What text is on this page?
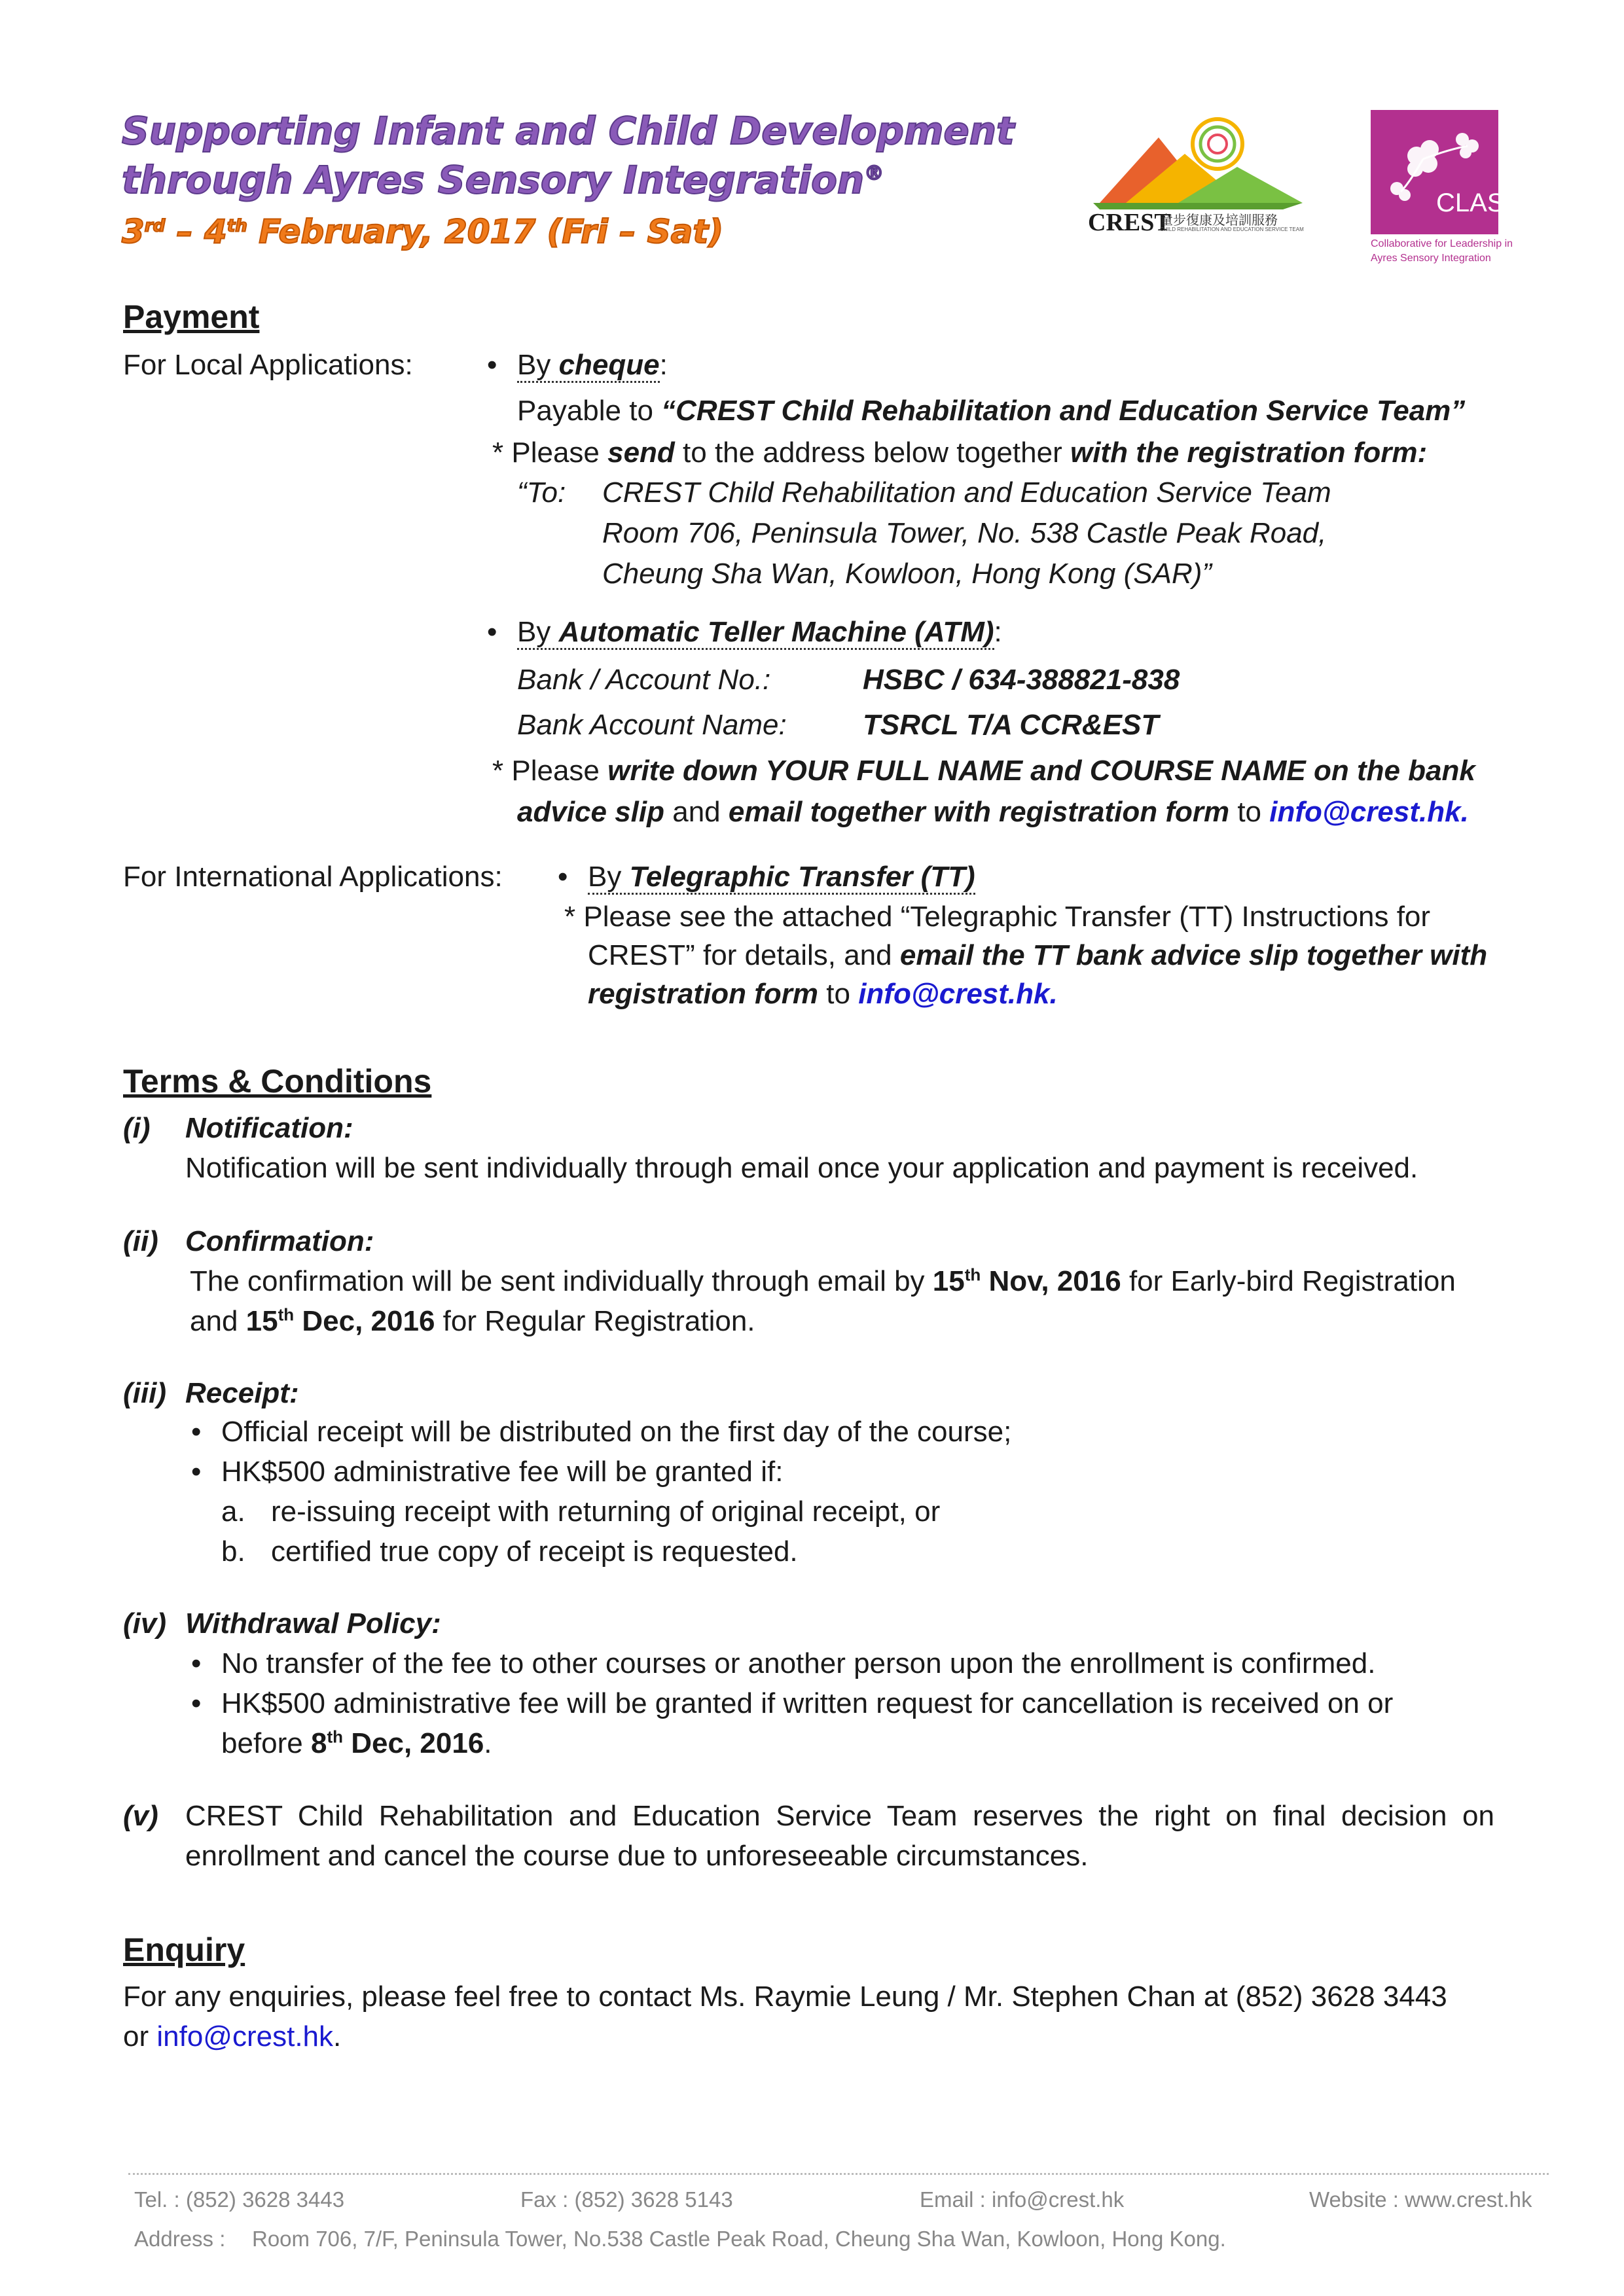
Supporting Infant and Child Development
through Ayres Sensory Integration®
3rd – 4th February, 2017 (Fri – Sat)	CREST
童步復康及培訓服務
CHILD REHABILITATION AND EDUCATION SERVICE TEAM
CLASI
Collaborative for Leadership in
Ayres Sensory Integration
Payment
For Local Applications:	By cheque:
Payable to “CREST Child Rehabilitation and Education Service Team”
* Please send to the address below together with the registration form:
“To: CREST Child Rehabilitation and Education Service Team
Room 706, Peninsula Tower, No. 538 Castle Peak Road,
Cheung Sha Wan, Kowloon, Hong Kong (SAR)”
By Automatic Teller Machine (ATM):
Bank / Account No.:	HSBC / 634-388821-838
Bank Account Name:	TSRCL T/A CCR&EST
* Please write down YOUR FULL NAME and COURSE NAME on the bank
advice slip and email together with registration form to info@crest.hk.
For International Applications:	By Telegraphic Transfer (TT)
* Please see the attached “Telegraphic Transfer (TT) Instructions for
CREST” for details, and email the TT bank advice slip together with
registration form to info@crest.hk.
Terms & Conditions
(i) Notification:
Notification will be sent individually through email once your application and payment is received.
(ii) Confirmation:
The confirmation will be sent individually through email by 15th Nov, 2016 for Early-bird Registration
and 15th Dec, 2016 for Regular Registration.
(iii) Receipt:
• Official receipt will be distributed on the first day of the course;
• HK$500 administrative fee will be granted if:
a. re-issuing receipt with returning of original receipt, or
b. certified true copy of receipt is requested.
(iv) Withdrawal Policy:
• No transfer of the fee to other courses or another person upon the enrollment is confirmed.
• HK$500 administrative fee will be granted if written request for cancellation is received on or
before 8th Dec, 2016.
(v) CREST Child Rehabilitation and Education Service Team reserves the right on final decision on
enrollment and cancel the course due to unforeseeable circumstances.
Enquiry
For any enquiries, please feel free to contact Ms. Raymie Leung / Mr. Stephen Chan at (852) 3628 3443
or info@crest.hk.
Tel. : (852) 3628 3443	Fax : (852) 3628 5143	Email : info@crest.hk	Website : www.crest.hk
Address : Room 706, 7/F, Peninsula Tower, No.538 Castle Peak Road, Cheung Sha Wan, Kowloon, Hong Kong.
